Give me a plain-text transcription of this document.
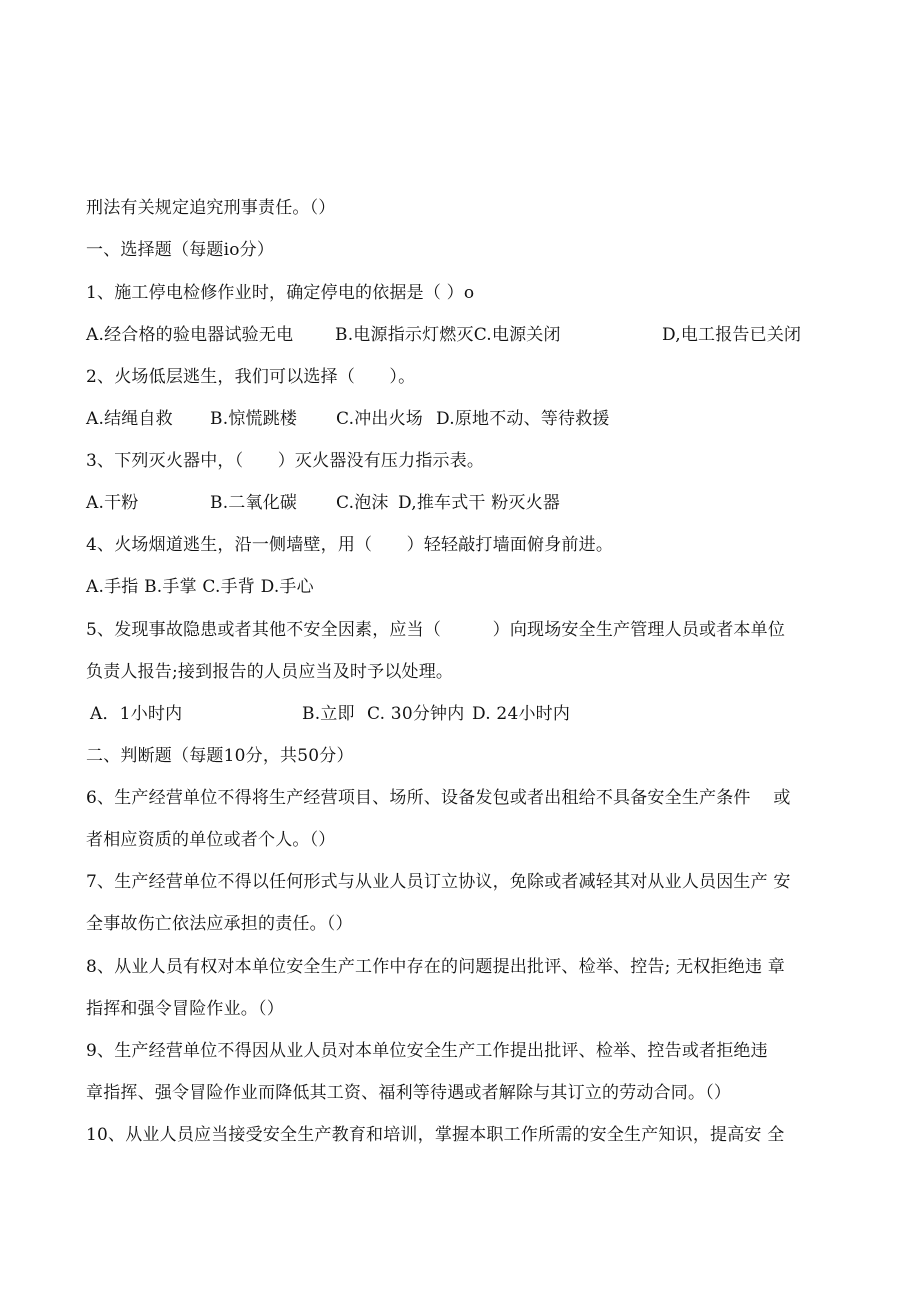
刑法有关规定追究刑事责任。（）
一、选择题（每题io分）
1、施工停电检修作业时，确定停电的依据是（ ）o
A.经合格的验电器试验无电 B.电源指示灯燃灭C.电源关闭	D,电工报告已关闭
2、火场低层逃生，我们可以选择（　　）。
A.结绳自救 B.惊慌跳楼 C.冲出火场 D.原地不动、等待救援
3、下列灭火器中，（　　）灭火器没有压力指示表。
A.干粉	B.二氧化碳 C.泡沫 D,推车式干 粉灭火器
4、火场烟道逃生，沿一侧墙壁，用（　　）轻轻敲打墙面俯身前进。
A.手指 B.手掌 C.手背 D.手心
5、发现事故隐患或者其他不安全因素，应当（　　　）向现场安全生产管理人员或者本单位
负责人报告;接到报告的人员应当及时予以处理。
A．1小时内	B.立即 C. 30分钟内 D. 24小时内
二、判断题（每题10分，共50分）
6、生产经营单位不得将生产经营项目、场所、设备发包或者出租给不具备安全生产条件　 或
者相应资质的单位或者个人。（）
7、生产经营单位不得以任何形式与从业人员订立协议，免除或者减轻其对从业人员因生产 安
全事故伤亡依法应承担的责任。（）
8、从业人员有权对本单位安全生产工作中存在的问题提出批评、检举、控告; 无权拒绝违 章
指挥和强令冒险作业。（）
9、生产经营单位不得因从业人员对本单位安全生产工作提出批评、检举、控告或者拒绝违
章指挥、强令冒险作业而降低其工资、福利等待遇或者解除与其订立的劳动合同。（）
10、从业人员应当接受安全生产教育和培训，掌握本职工作所需的安全生产知识，提高安 全
